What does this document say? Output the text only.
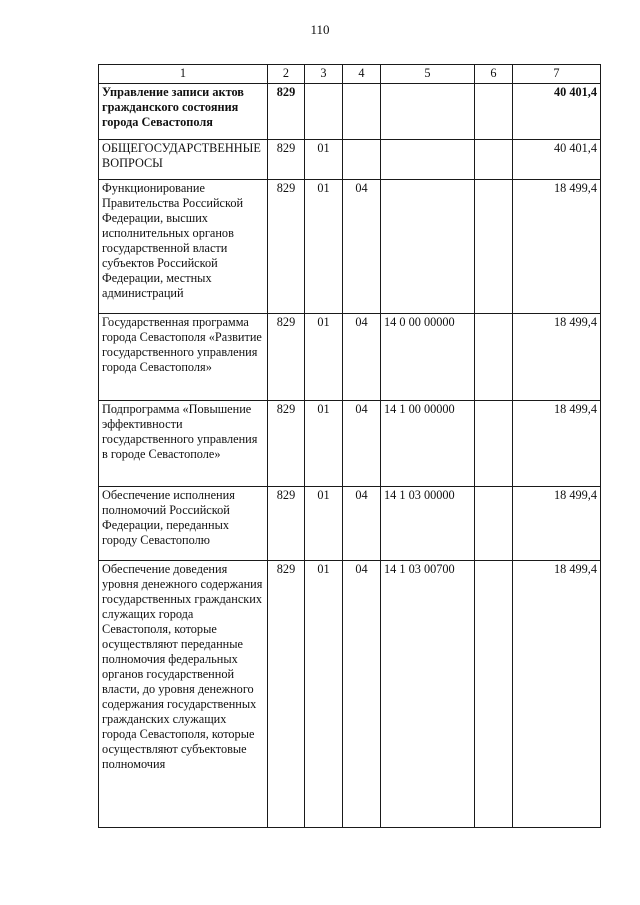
110
1	2	3	4	5	6	7
Управление записи актов гражданского состояния города Севастополя	829					40 401,4
ОБЩЕГОСУДАРСТВЕННЫЕ ВОПРОСЫ	829	01				40 401,4
Функционирование Правительства Российской Федерации, высших исполнительных органов государственной власти субъектов Российской Федерации, местных администраций	829	01	04			18 499,4
Государственная программа города Севастополя «Развитие государственного управления города Севастополя»	829	01	04	14 0 00 00000		18 499,4
Подпрограмма «Повышение эффективности государственного управления в городе Севастополе»	829	01	04	14 1 00 00000		18 499,4
Обеспечение исполнения полномочий Российской Федерации, переданных городу Севастополю	829	01	04	14 1 03 00000		18 499,4
Обеспечение доведения уровня денежного содержания государственных гражданских служащих города Севастополя, которые осуществляют переданные полномочия федеральных органов государственной власти, до уровня денежного содержания государственных гражданских служащих города Севастополя, которые осуществляют субъектовые полномочия	829	01	04	14 1 03 00700		18 499,4
